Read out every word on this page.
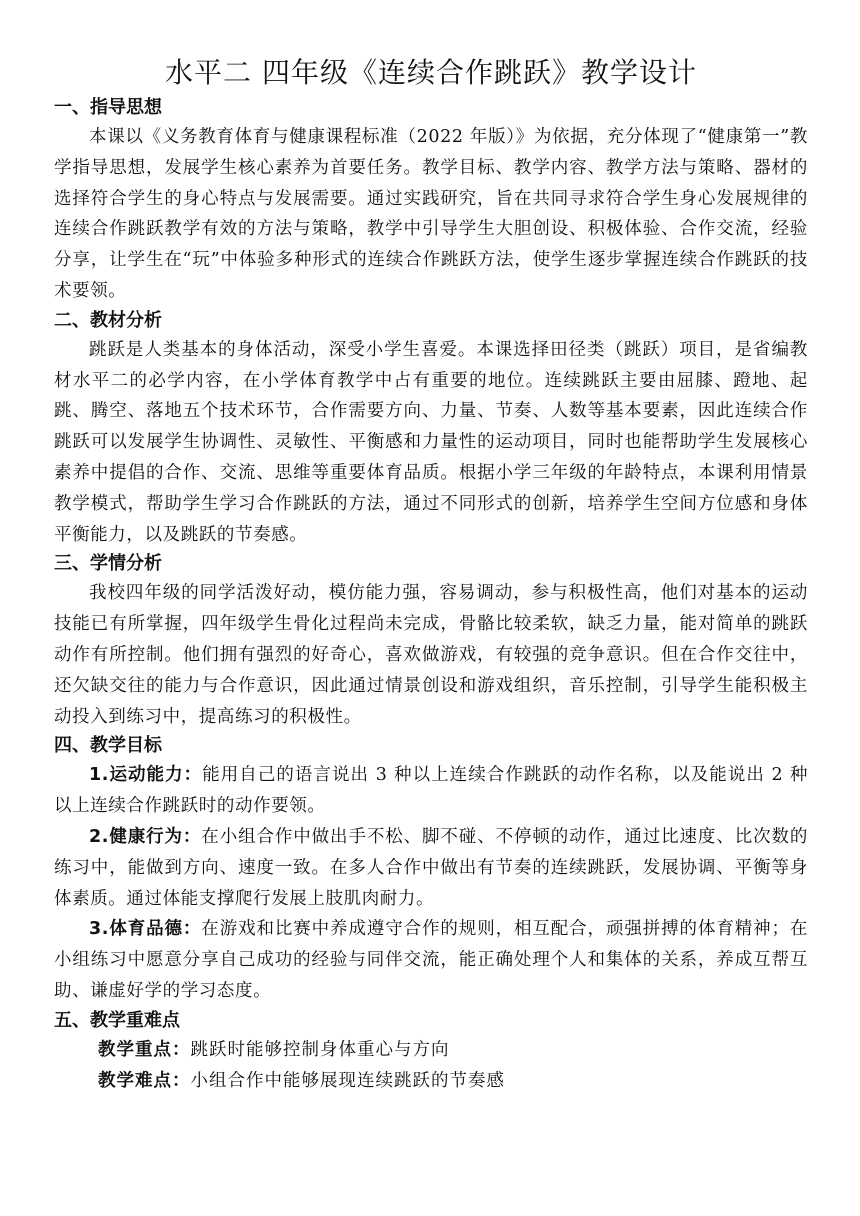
水平二 四年级《连续合作跳跃》教学设计

一、指导思想

本课以《义务教育体育与健康课程标准（2022 年版）》为依据，充分体现了“健康第一”教学指导思想，发展学生核心素养为首要任务。教学目标、教学内容、教学方法与策略、器材的选择符合学生的身心特点与发展需要。通过实践研究，旨在共同寻求符合学生身心发展规律的连续合作跳跃教学有效的方法与策略，教学中引导学生大胆创设、积极体验、合作交流，经验分享，让学生在“玩”中体验多种形式的连续合作跳跃方法，使学生逐步掌握连续合作跳跃的技术要领。

二、教材分析

跳跃是人类基本的身体活动，深受小学生喜爱。本课选择田径类（跳跃）项目，是省编教材水平二的必学内容，在小学体育教学中占有重要的地位。连续跳跃主要由屈膝、蹬地、起跳、腾空、落地五个技术环节，合作需要方向、力量、节奏、人数等基本要素，因此连续合作跳跃可以发展学生协调性、灵敏性、平衡感和力量性的运动项目，同时也能帮助学生发展核心素养中提倡的合作、交流、思维等重要体育品质。根据小学三年级的年龄特点，本课利用情景教学模式，帮助学生学习合作跳跃的方法，通过不同形式的创新，培养学生空间方位感和身体平衡能力，以及跳跃的节奏感。

三、学情分析

我校四年级的同学活泼好动，模仿能力强，容易调动，参与积极性高，他们对基本的运动技能已有所掌握，四年级学生骨化过程尚未完成，骨骼比较柔软，缺乏力量，能对简单的跳跃动作有所控制。他们拥有强烈的好奇心，喜欢做游戏，有较强的竞争意识。但在合作交往中，还欠缺交往的能力与合作意识，因此通过情景创设和游戏组织，音乐控制，引导学生能积极主动投入到练习中，提高练习的积极性。

四、教学目标

1.运动能力：能用自己的语言说出 3 种以上连续合作跳跃的动作名称，以及能说出 2 种以上连续合作跳跃时的动作要领。

2.健康行为：在小组合作中做出手不松、脚不碰、不停顿的动作，通过比速度、比次数的练习中，能做到方向、速度一致。在多人合作中做出有节奏的连续跳跃，发展协调、平衡等身体素质。通过体能支撑爬行发展上肢肌肉耐力。

3.体育品德：在游戏和比赛中养成遵守合作的规则，相互配合，顽强拼搏的体育精神；在小组练习中愿意分享自己成功的经验与同伴交流，能正确处理个人和集体的关系，养成互帮互助、谦虚好学的学习态度。

五、教学重难点

教学重点：跳跃时能够控制身体重心与方向

教学难点：小组合作中能够展现连续跳跃的节奏感
